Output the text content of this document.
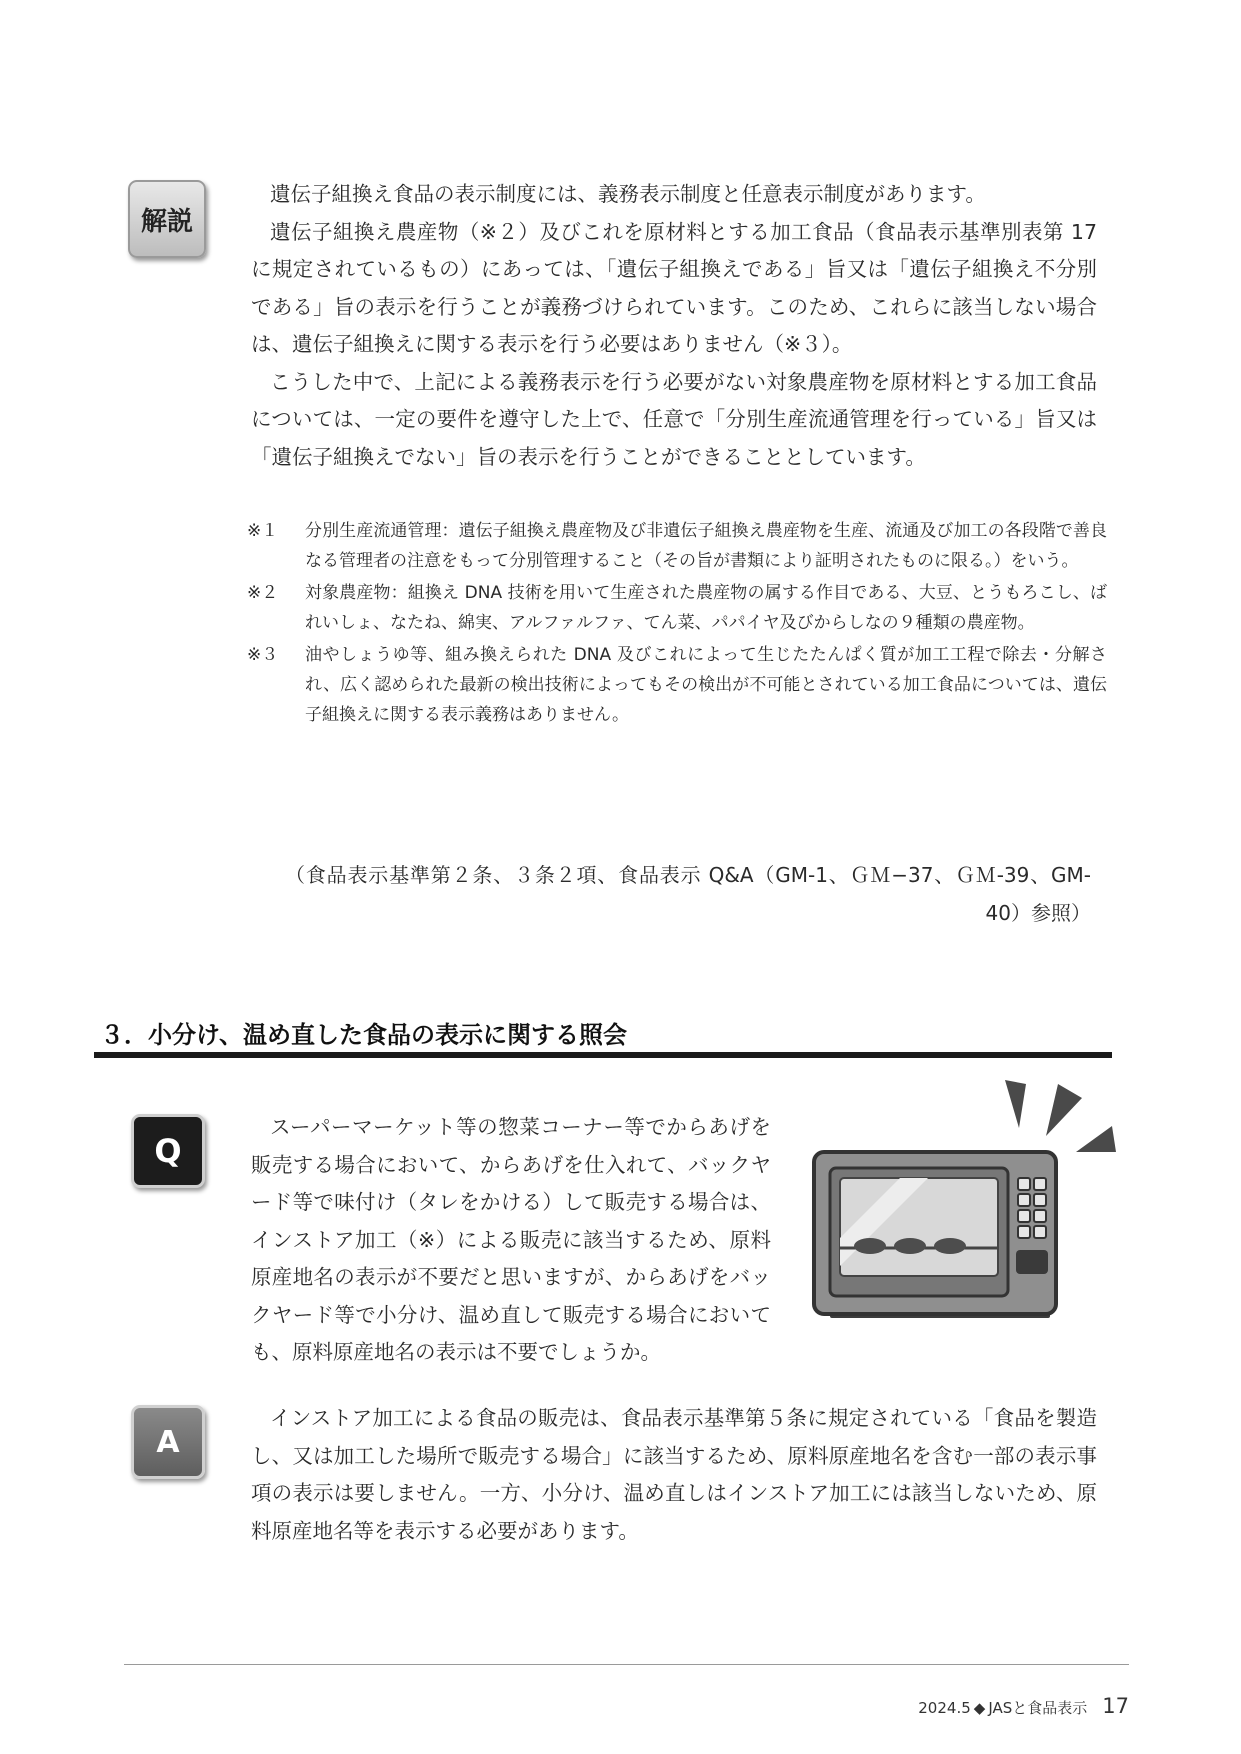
解説

遺伝子組換え食品の表示制度には、義務表示制度と任意表示制度があります。

遺伝子組換え農産物（※２）及びこれを原材料とする加工食品（食品表示基準別表第 17 に規定されているもの）にあっては、「遺伝子組換えである」旨又は「遺伝子組換え不分別である」旨の表示を行うことが義務づけられています。このため、これらに該当しない場合は、遺伝子組換えに関する表示を行う必要はありません（※３）。

こうした中で、上記による義務表示を行う必要がない対象農産物を原材料とする加工食品については、一定の要件を遵守した上で、任意で「分別生産流通管理を行っている」旨又は「遺伝子組換えでない」旨の表示を行うことができることとしています。

※１	分別生産流通管理：遺伝子組換え農産物及び非遺伝子組換え農産物を生産、流通及び加工の各段階で善良なる管理者の注意をもって分別管理すること（その旨が書類により証明されたものに限る。）をいう。
※２	対象農産物：組換え DNA 技術を用いて生産された農産物の属する作目である、大豆、とうもろこし、ばれいしょ、なたね、綿実、アルファルファ、てん菜、パパイヤ及びからしなの９種類の農産物。
※３	油やしょうゆ等、組み換えられた DNA 及びこれによって生じたたんぱく質が加工工程で除去・分解され、広く認められた最新の検出技術によってもその検出が不可能とされている加工食品については、遺伝子組換えに関する表示義務はありません。
（食品表示基準第２条、３条２項、食品表示 Q&A（GM-1、ＧＭ−37、ＧＭ-39、GM-40）参照）
３．小分け、温め直した食品の表示に関する照会
Q

スーパーマーケット等の惣菜コーナー等でからあげを販売する場合において、からあげを仕入れて、バックヤード等で味付け（タレをかける）して販売する場合は、インストア加工（※）による販売に該当するため、原料原産地名の表示が不要だと思いますが、からあげをバックヤード等で小分け、温め直して販売する場合においても、原料原産地名の表示は不要でしょうか。

A

インストア加工による食品の販売は、食品表示基準第５条に規定されている「食品を製造し、又は加工した場所で販売する場合」に該当するため、原料原産地名を含む一部の表示事項の表示は要しません。一方、小分け、温め直しはインストア加工には該当しないため、原料原産地名等を表示する必要があります。

2024.5 ◆ JASと食品表示 17
